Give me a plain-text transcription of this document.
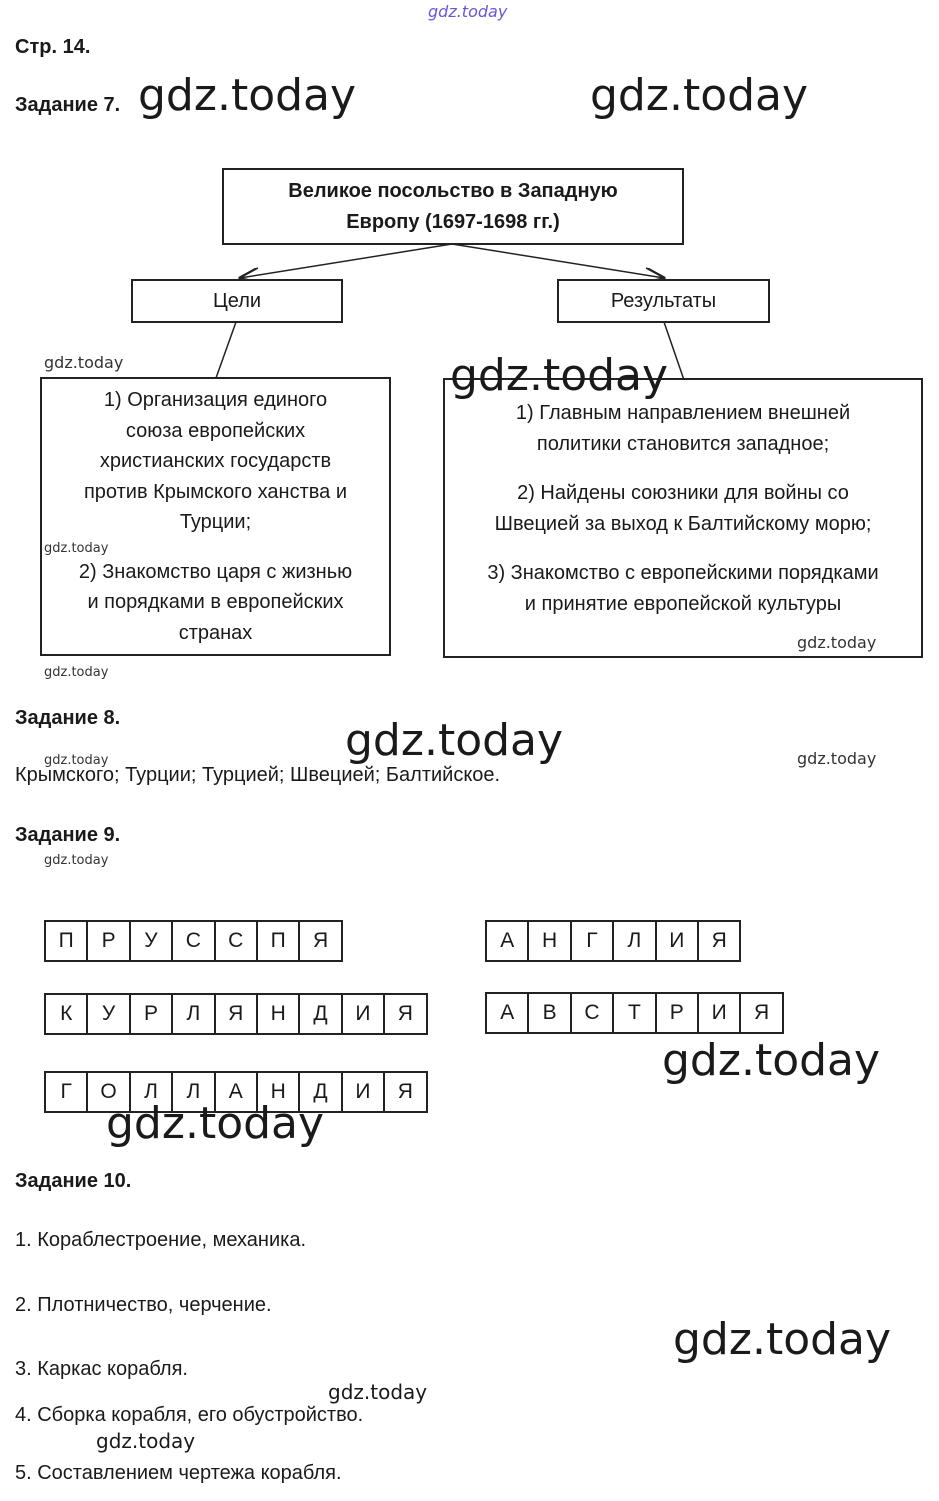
gdz.today
Стр. 14.
Задание 7. gdz.today	gdz.today
Великое посольство в Западную
Европу (1697-1698 гг.)
Цели	Результаты
gdz.today
1) Организация единого
союза европейских
христианских государств
против Крымского ханства и
Турции;
2) Знакомство царя с жизнью
и порядками в европейских
странах
gdz.today
1) Главным направлением внешней
политики становится западное;
2) Найдены союзники для войны со
Швецией за выход к Балтийскому морю;
3) Знакомство с европейскими порядками
и принятие европейской культуры
gdz.today
gdz.today
gdz.today
Задание 8.	gdz.today	gdz.today
gdz.today
Крымского; Турции; Турцией; Швецией; Балтийское.
Задание 9.
gdz.today
П	Р	У	С	С	П	Я
К	У	Р	Л	Я	Н	Д	И	Я
Г	О	Л	Л	А	Н	Д	И	Я
А	Н	Г	Л	И	Я
А	В	С	Т	Р	И	Я
gdz.today
gdz.today
Задание 10.
1. Кораблестроение, механика.
2. Плотничество, черчение.
3. Каркас корабля.
4. Сборка корабля, его обустройство.
5. Составлением чертежа корабля.
gdz.today
gdz.today
gdz.today
